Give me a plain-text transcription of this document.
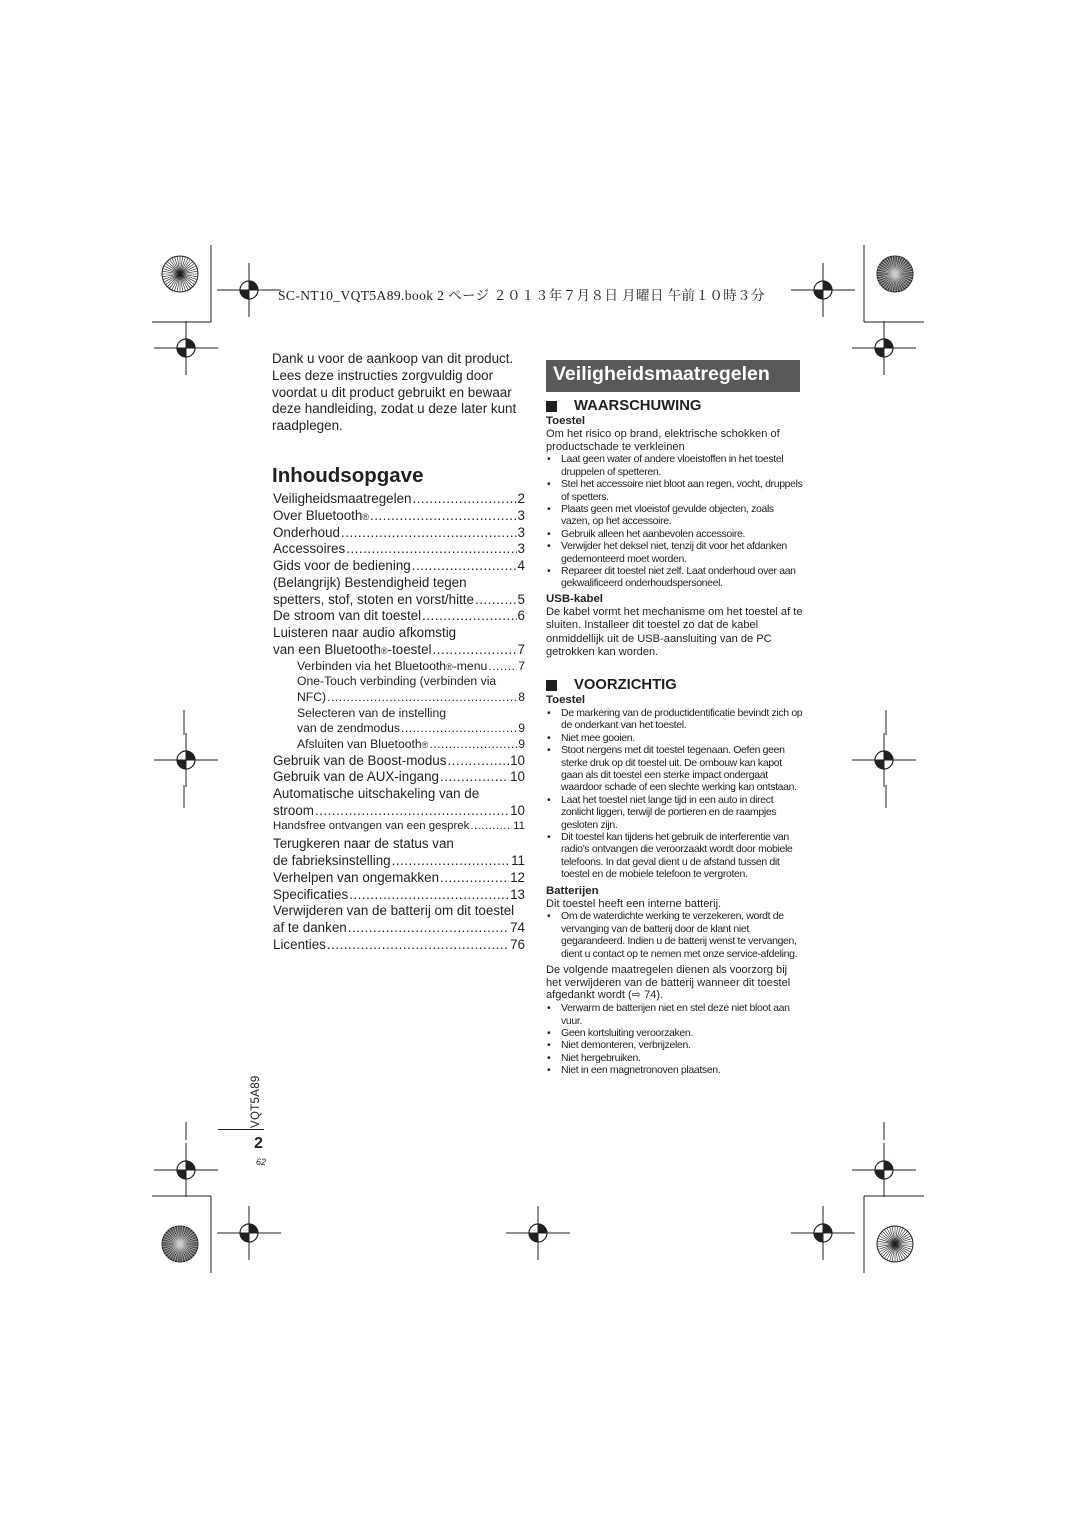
SC-NT10_VQT5A89.book 2 ページ ２０１３年７月８日 月曜日 午前１０時３分
Dank u voor de aankoop van dit product. Lees deze instructies zorgvuldig door voordat u dit product gebruikt en bewaar deze handleiding, zodat u deze later kunt raadplegen.
Inhoudsopgave
Veiligheidsmaatregelen .....	2
Over Bluetooth ® .....	3
Onderhoud .....	3
Accessoires .....	3
Gids voor de bediening .....	4
(Belangrijk) Bestendigheid tegen
spetters, stof, stoten en vorst/hitte .....	5
De stroom van dit toestel .....	6
Luisteren naar audio afkomstig
van een Bluetooth ® -toestel .....	7
Verbinden via het Bluetooth ® -menu .....	7
One-Touch verbinding (verbinden via
NFC) .....	8
Selecteren van de instelling
van de zendmodus .....	9
Afsluiten van Bluetooth ® .....	9
Gebruik van de Boost-modus .....	10
Gebruik van de AUX-ingang .....	10
Automatische uitschakeling van de
stroom .....	10
Handsfree ontvangen van een gesprek .....	11
Terugkeren naar de status van
de fabrieksinstelling .....	11
Verhelpen van ongemakken .....	12
Specificaties .....	13
Verwijderen van de batterij om dit toestel
af te danken .....	74
Licenties .....	76
Veiligheidsmaatregelen
WAARSCHUWING
Toestel
Om het risico op brand, elektrische schokken of productschade te verkleinen
• Laat geen water of andere vloeistoffen in het toestel druppelen of spetteren.
• Stel het accessoire niet bloot aan regen, vocht, druppels of spetters.
• Plaats geen met vloeistof gevulde objecten, zoals vazen, op het accessoire.
• Gebruik alleen het aanbevolen accessoire.
• Verwijder het deksel niet, tenzij dit voor het afdanken gedemonteerd moet worden.
• Repareer dit toestel niet zelf. Laat onderhoud over aan gekwalificeerd onderhoudspersoneel.
USB-kabel
De kabel vormt het mechanisme om het toestel af te sluiten. Installeer dit toestel zo dat de kabel onmiddellijk uit de USB-aansluiting van de PC getrokken kan worden.
VOORZICHTIG
Toestel
• De markering van de productidentificatie bevindt zich op de onderkant van het toestel.
• Niet mee gooien.
• Stoot nergens met dit toestel tegenaan. Oefen geen sterke druk op dit toestel uit. De ombouw kan kapot gaan als dit toestel een sterke impact ondergaat waardoor schade of een slechte werking kan ontstaan.
• Laat het toestel niet lange tijd in een auto in direct zonlicht liggen, terwijl de portieren en de raampjes gesloten zijn.
• Dit toestel kan tijdens het gebruik de interferentie van radio’s ontvangen die veroorzaakt wordt door mobiele telefoons. In dat geval dient u de afstand tussen dit toestel en de mobiele telefoon te vergroten.
Batterijen
Dit toestel heeft een interne batterij.
• Om de waterdichte werking te verzekeren, wordt de vervanging van de batterij door de klant niet gegarandeerd. Indien u de batterij wenst te vervangen, dient u contact op te nemen met onze service-afdeling.
De volgende maatregelen dienen als voorzorg bij het verwijderen van de batterij wanneer dit toestel afgedankt wordt (⇨ 74).
• Verwarm de batterijen niet en stel deze niet bloot aan vuur.
• Geen kortsluiting veroorzaken.
• Niet demonteren, verbrijzelen.
• Niet hergebruiken.
• Niet in een magnetronoven plaatsen.
VQT5A89
2
62
